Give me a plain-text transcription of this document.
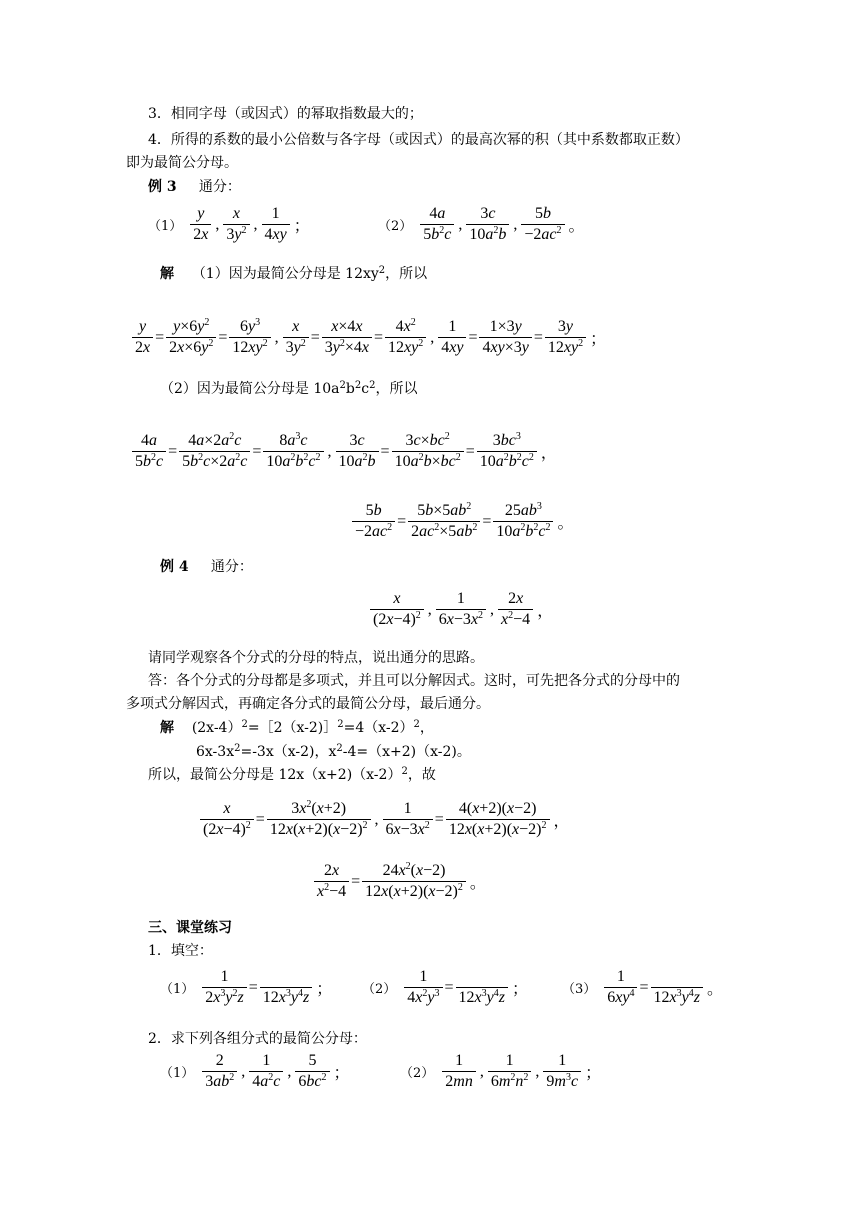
3．相同字母（或因式）的幂取指数最大的；
4．所得的系数的最小公倍数与各字母（或因式）的最高次幂的积（其中系数都取正数）
即为最简公分母。
例 3 通分：
（1）
y
2x
,
x
$3y^2$ ,
1
4xy ；	（2）
4a
$5b^2c$
,
3c
$10a^2b$
,
5b
$-2ac^2$ 。
解 （1）因为最简公分母是 $12xy^2$，所以
y
2x
=
$y\times 6y^2$
$2x\times 6y^2$ =
$6y^3$
$12xy^2$ ,
x
$3y^2$ =
x×4x
$3y^2\times 4x$
=
$4x^2$
$12xy^2$ ,
1
4xy
=
1×3y
4xy×3y
=
3y
$12xy^2$ ；
（2）因为最简公分母是 $10a^2b^2c^2$，所以
4a
$5b^2c$
=
$4a\times 2a^2c$
$5b^2c\times 2a^2c$
=
$8a^3c$
$10a^2b^2c^2$ ,
3c
$10a^2b$
=
$3c\times bc^2$
$10a^2b\times bc^2$ =
$3bc^3$
$10a^2b^2c^2$ ，
5b
$-2ac^2$ =
$5b\times 5ab^2$
$2ac^2\times 5ab^2$ =
$25ab^3$
$10a^2b^2c^2$ 。
例 4 通分：
x
$(2x-4)^2$ ,
1
$6x-3x^2$ ,
2x
$x^2-4$ ，
请同学观察各个分式的分母的特点，说出通分的思路。
答：各个分式的分母都是多项式，并且可以分解因式。这时，可先把各分式的分母中的
多项式分解因式，再确定各分式的最简公分母，最后通分。
解 $(2x-4)^2=[2(x-2)]^2=4(x-2)^2$，
$6x-3x^2=-3x(x-2)$，$x^2-4=(x+2)(x-2)$。
所以，最简公分母是 $12x(x+2)(x-2)^2$，故
x
$(2x-4)^2$ =
$3x^2(x+2)$
$12x(x+2)(x-2)^2$ ,
1
$6x-3x^2$ =
4(x+2)(x−2)
$12x(x+2)(x-2)^2$ ，
2x
$x^2-4$
=
$24x^2(x-2)$
$12x(x+2)(x-2)^2$ 。
三、课堂练习
1．填空：
（1）
1
$2x^3y^2z$
=

$12x^3y^4z$ ； （2）
1
$4x^2y^3$ =

$12x^3y^4z$ ；	（3）
1
$6xy^4$ =

$12x^3y^4z$ 。
2．求下列各组分式的最简公分母：
（1）
2
$3ab^2$ ,
1
$4a^2c$
,
5
$6bc^2$ ；	（2）
1
2mn
,
1
$6m^2n^2$ ,
1
$9m^3c$ ；
